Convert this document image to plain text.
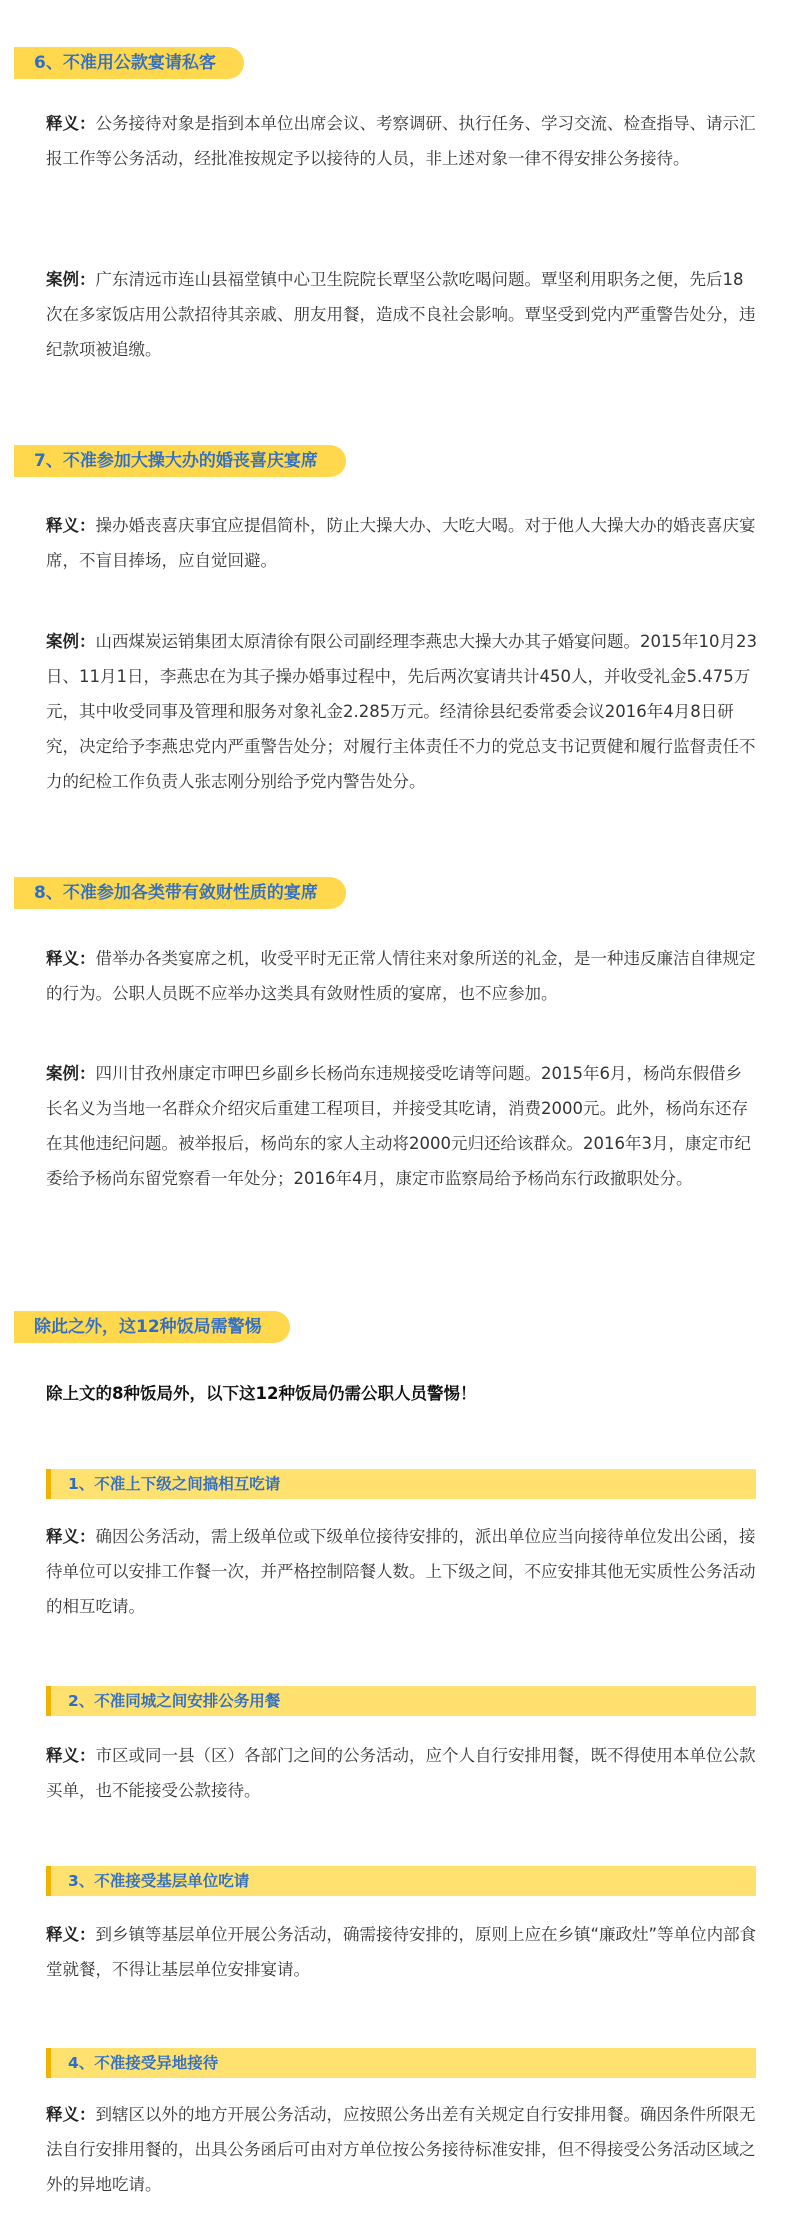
6、不准用公款宴请私客

释义：公务接待对象是指到本单位出席会议、考察调研、执行任务、学习交流、检查指导、请示汇报工作等公务活动，经批准按规定予以接待的人员，非上述对象一律不得安排公务接待。

案例：广东清远市连山县福堂镇中心卫生院院长覃坚公款吃喝问题。覃坚利用职务之便，先后18次在多家饭店用公款招待其亲戚、朋友用餐，造成不良社会影响。覃坚受到党内严重警告处分，违纪款项被追缴。

7、不准参加大操大办的婚丧喜庆宴席

释义：操办婚丧喜庆事宜应提倡简朴，防止大操大办、大吃大喝。对于他人大操大办的婚丧喜庆宴席，不盲目捧场，应自觉回避。

案例：山西煤炭运销集团太原清徐有限公司副经理李燕忠大操大办其子婚宴问题。2015年10月23日、11月1日，李燕忠在为其子操办婚事过程中，先后两次宴请共计450人，并收受礼金5.475万元，其中收受同事及管理和服务对象礼金2.285万元。经清徐县纪委常委会议2016年4月8日研究，决定给予李燕忠党内严重警告处分；对履行主体责任不力的党总支书记贾健和履行监督责任不力的纪检工作负责人张志刚分别给予党内警告处分。

8、不准参加各类带有敛财性质的宴席

释义：借举办各类宴席之机，收受平时无正常人情往来对象所送的礼金，是一种违反廉洁自律规定的行为。公职人员既不应举办这类具有敛财性质的宴席，也不应参加。

案例：四川甘孜州康定市呷巴乡副乡长杨尚东违规接受吃请等问题。2015年6月，杨尚东假借乡长名义为当地一名群众介绍灾后重建工程项目，并接受其吃请，消费2000元。此外，杨尚东还存在其他违纪问题。被举报后，杨尚东的家人主动将2000元归还给该群众。2016年3月，康定市纪委给予杨尚东留党察看一年处分；2016年4月，康定市监察局给予杨尚东行政撤职处分。

除此之外，这12种饭局需警惕

除上文的8种饭局外，以下这12种饭局仍需公职人员警惕！

1、不准上下级之间搞相互吃请

释义：确因公务活动，需上级单位或下级单位接待安排的，派出单位应当向接待单位发出公函，接待单位可以安排工作餐一次，并严格控制陪餐人数。上下级之间，不应安排其他无实质性公务活动的相互吃请。

2、不准同城之间安排公务用餐

释义：市区或同一县（区）各部门之间的公务活动，应个人自行安排用餐，既不得使用本单位公款买单，也不能接受公款接待。

3、不准接受基层单位吃请

释义：到乡镇等基层单位开展公务活动，确需接待安排的，原则上应在乡镇“廉政灶”等单位内部食堂就餐，不得让基层单位安排宴请。

4、不准接受异地接待

释义：到辖区以外的地方开展公务活动，应按照公务出差有关规定自行安排用餐。确因条件所限无法自行安排用餐的，出具公务函后可由对方单位按公务接待标准安排，但不得接受公务活动区域之外的异地吃请。
